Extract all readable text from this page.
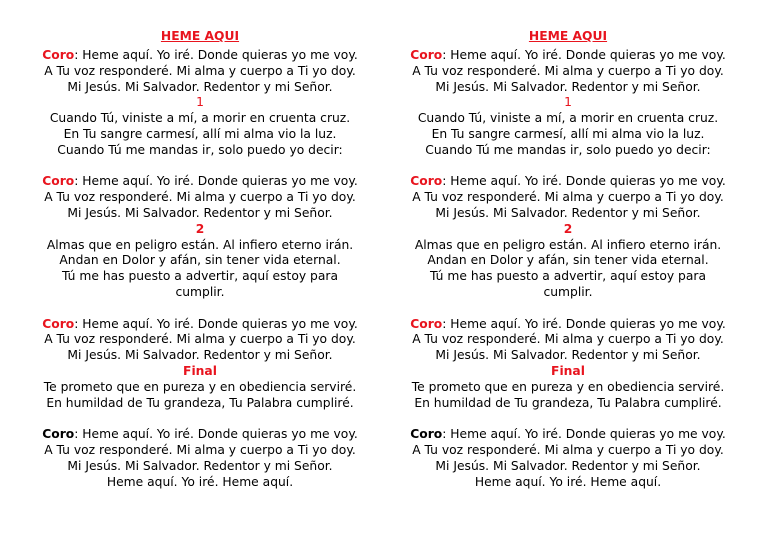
HEME AQUI
Coro: Heme aquí. Yo iré. Donde quieras yo me voy.
A Tu voz responderé. Mi alma y cuerpo a Ti yo doy.
Mi Jesús. Mi Salvador. Redentor y mi Señor.
1
Cuando Tú, viniste a mí, a morir en cruenta cruz.
En Tu sangre carmesí, allí mi alma vio la luz.
Cuando Tú me mandas ir, solo puedo yo decir:
Coro: Heme aquí. Yo iré. Donde quieras yo me voy.
A Tu voz responderé. Mi alma y cuerpo a Ti yo doy.
Mi Jesús. Mi Salvador. Redentor y mi Señor.
2
Almas que en peligro están. Al infiero eterno irán.
Andan en Dolor y afán, sin tener vida eternal.
Tú me has puesto a advertir, aquí estoy para cumplir.
Coro: Heme aquí. Yo iré. Donde quieras yo me voy.
A Tu voz responderé. Mi alma y cuerpo a Ti yo doy.
Mi Jesús. Mi Salvador. Redentor y mi Señor.
Final
Te prometo que en pureza y en obediencia serviré.
En humildad de Tu grandeza, Tu Palabra cumpliré.
Coro: Heme aquí. Yo iré. Donde quieras yo me voy.
A Tu voz responderé. Mi alma y cuerpo a Ti yo doy.
Mi Jesús. Mi Salvador. Redentor y mi Señor.
Heme aquí. Yo iré. Heme aquí.
HEME AQUI
Coro: Heme aquí. Yo iré. Donde quieras yo me voy.
A Tu voz responderé. Mi alma y cuerpo a Ti yo doy.
Mi Jesús. Mi Salvador. Redentor y mi Señor.
1
Cuando Tú, viniste a mí, a morir en cruenta cruz.
En Tu sangre carmesí, allí mi alma vio la luz.
Cuando Tú me mandas ir, solo puedo yo decir:
Coro: Heme aquí. Yo iré. Donde quieras yo me voy.
A Tu voz responderé. Mi alma y cuerpo a Ti yo doy.
Mi Jesús. Mi Salvador. Redentor y mi Señor.
2
Almas que en peligro están. Al infiero eterno irán.
Andan en Dolor y afán, sin tener vida eternal.
Tú me has puesto a advertir, aquí estoy para cumplir.
Coro: Heme aquí. Yo iré. Donde quieras yo me voy.
A Tu voz responderé. Mi alma y cuerpo a Ti yo doy.
Mi Jesús. Mi Salvador. Redentor y mi Señor.
Final
Te prometo que en pureza y en obediencia serviré.
En humildad de Tu grandeza, Tu Palabra cumpliré.
Coro: Heme aquí. Yo iré. Donde quieras yo me voy.
A Tu voz responderé. Mi alma y cuerpo a Ti yo doy.
Mi Jesús. Mi Salvador. Redentor y mi Señor.
Heme aquí. Yo iré. Heme aquí.
